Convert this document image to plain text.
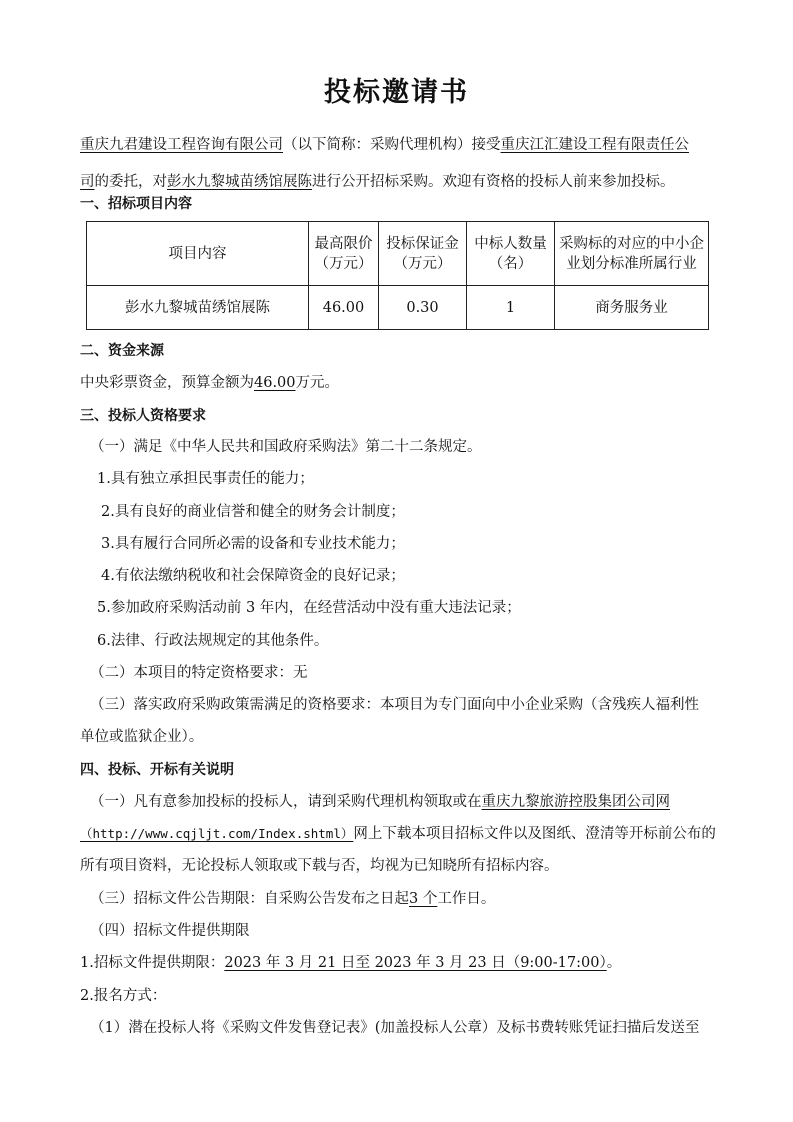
投标邀请书
重庆九君建设工程咨询有限公司（以下简称：采购代理机构）接受重庆江汇建设工程有限责任公
司的委托，对彭水九黎城苗绣馆展陈进行公开招标采购。欢迎有资格的投标人前来参加投标。
一、招标项目内容
项目内容	最高限价（万元）	投标保证金（万元）	中标人数量（名）	采购标的对应的中小企业划分标准所属行业
彭水九黎城苗绣馆展陈	46.00	0.30	1	商务服务业
二、资金来源
中央彩票资金，预算金额为46.00万元。
三、投标人资格要求
（一）满足《中华人民共和国政府采购法》第二十二条规定。
1.具有独立承担民事责任的能力；
2.具有良好的商业信誉和健全的财务会计制度；
3.具有履行合同所必需的设备和专业技术能力；
4.有依法缴纳税收和社会保障资金的良好记录；
5.参加政府采购活动前 3 年内，在经营活动中没有重大违法记录；
6.法律、行政法规规定的其他条件。
（二）本项目的特定资格要求：无
（三）落实政府采购政策需满足的资格要求：本项目为专门面向中小企业采购（含残疾人福利性
单位或监狱企业）。
四、投标、开标有关说明
（一）凡有意参加投标的投标人，请到采购代理机构领取或在重庆九黎旅游控股集团公司网
（http://www.cqjljt.com/Index.shtml）网上下载本项目招标文件以及图纸、澄清等开标前公布的
所有项目资料，无论投标人领取或下载与否，均视为已知晓所有招标内容。
（三）招标文件公告期限：自采购公告发布之日起3 个工作日。
（四）招标文件提供期限
1.招标文件提供期限：2023 年 3 月 21 日至 2023 年 3 月 23 日（9:00-17:00）。
2.报名方式：
（1）潜在投标人将《采购文件发售登记表》(加盖投标人公章）及标书费转账凭证扫描后发送至
